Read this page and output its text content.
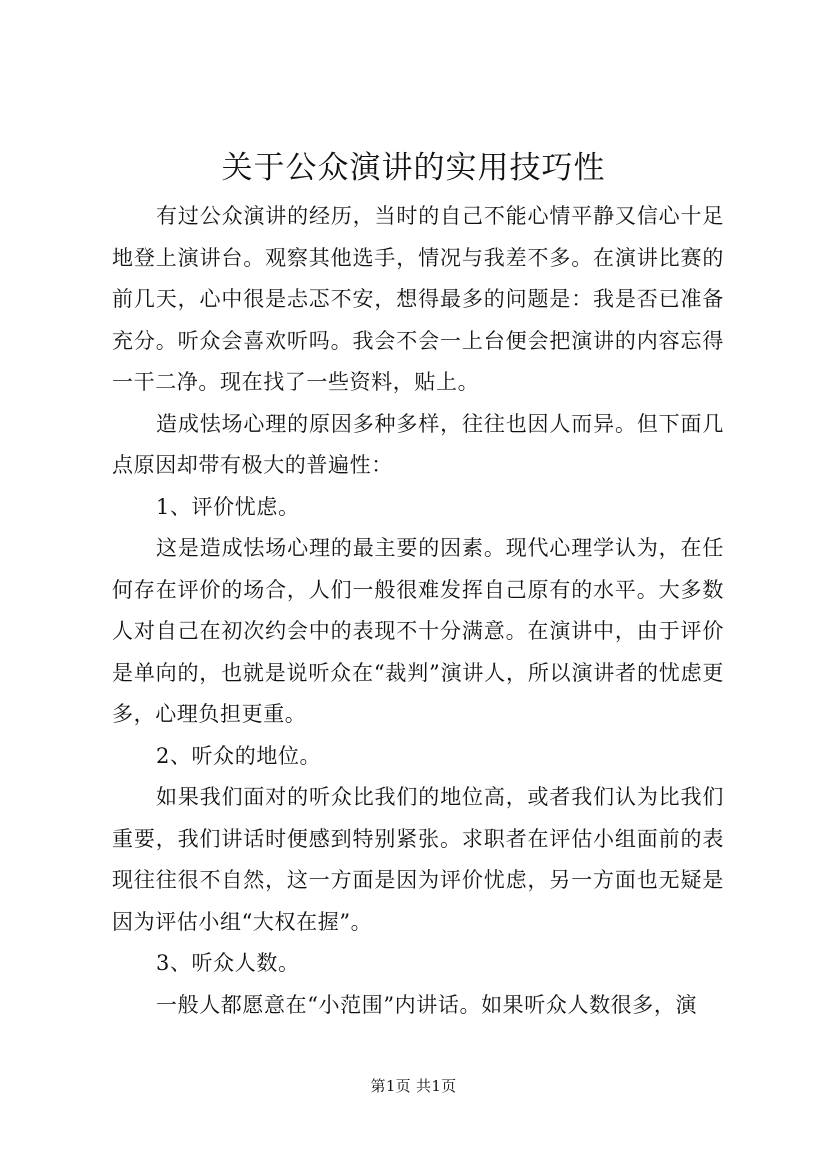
关于公众演讲的实用技巧性

有过公众演讲的经历，当时的自己不能心情平静又信心十足地登上演讲台。观察其他选手，情况与我差不多。在演讲比赛的前几天，心中很是忐忑不安，想得最多的问题是：我是否已准备充分。听众会喜欢听吗。我会不会一上台便会把演讲的内容忘得一干二净。现在找了一些资料，贴上。

造成怯场心理的原因多种多样，往往也因人而异。但下面几点原因却带有极大的普遍性：

1、评价忧虑。

这是造成怯场心理的最主要的因素。现代心理学认为，在任何存在评价的场合，人们一般很难发挥自己原有的水平。大多数人对自己在初次约会中的表现不十分满意。在演讲中，由于评价是单向的，也就是说听众在“裁判”演讲人，所以演讲者的忧虑更多，心理负担更重。

2、听众的地位。

如果我们面对的听众比我们的地位高，或者我们认为比我们重要，我们讲话时便感到特别紧张。求职者在评估小组面前的表现往往很不自然，这一方面是因为评价忧虑，另一方面也无疑是因为评估小组“大权在握”。

3、听众人数。

一般人都愿意在“小范围”内讲话。如果听众人数很多，演

第1页 共1页
